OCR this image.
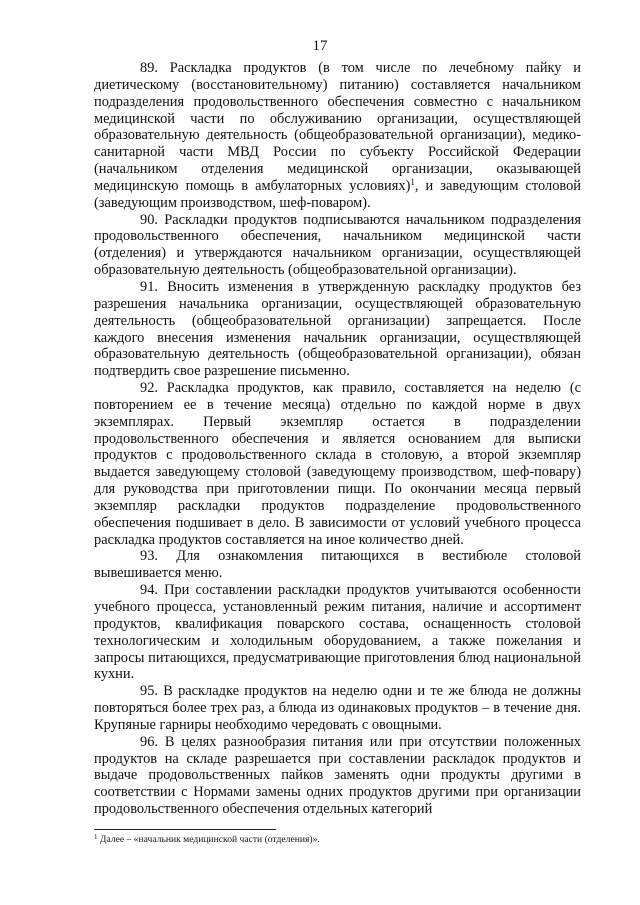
17

89. Раскладка продуктов (в том числе по лечебному пайку и диетическому (восстановительному) питанию) составляется начальником подразделения продовольственного обеспечения совместно с начальником медицинской части по обслуживанию организации, осуществляющей образовательную деятельность (общеобразовательной организации), медико-санитарной части МВД России по субъекту Российской Федерации (начальником отделения медицинской организации, оказывающей медицинскую помощь в амбулаторных условиях)$^1$, и заведующим столовой (заведующим производством, шеф-поваром).

90. Раскладки продуктов подписываются начальником подразделения продовольственного обеспечения, начальником медицинской части (отделения) и утверждаются начальником организации, осуществляющей образовательную деятельность (общеобразовательной организации).

91. Вносить изменения в утвержденную раскладку продуктов без разрешения начальника организации, осуществляющей образовательную деятельность (общеобразовательной организации) запрещается. После каждого внесения изменения начальник организации, осуществляющей образовательную деятельность (общеобразовательной организации), обязан подтвердить свое разрешение письменно.

92. Раскладка продуктов, как правило, составляется на неделю (с повторением ее в течение месяца) отдельно по каждой норме в двух экземплярах. Первый экземпляр остается в подразделении продовольственного обеспечения и является основанием для выписки продуктов с продовольственного склада в столовую, а второй экземпляр выдается заведующему столовой (заведующему производством, шеф-повару) для руководства при приготовлении пищи. По окончании месяца первый экземпляр раскладки продуктов подразделение продовольственного обеспечения подшивает в дело. В зависимости от условий учебного процесса раскладка продуктов составляется на иное количество дней.

93. Для ознакомления питающихся в вестибюле столовой вывешивается меню.

94. При составлении раскладки продуктов учитываются особенности учебного процесса, установленный режим питания, наличие и ассортимент продуктов, квалификация поварского состава, оснащенность столовой технологическим и холодильным оборудованием, а также пожелания и запросы питающихся, предусматривающие приготовления блюд национальной кухни.

95. В раскладке продуктов на неделю одни и те же блюда не должны повторяться более трех раз, а блюда из одинаковых продуктов – в течение дня. Крупяные гарниры необходимо чередовать с овощными.

96. В целях разнообразия питания или при отсутствии положенных продуктов на складе разрешается при составлении раскладок продуктов и выдаче продовольственных пайков заменять одни продукты другими в соответствии с Нормами замены одних продуктов другими при организации продовольственного обеспечения отдельных категорий

$^1$ Далее – «начальник медицинской части (отделения)».
